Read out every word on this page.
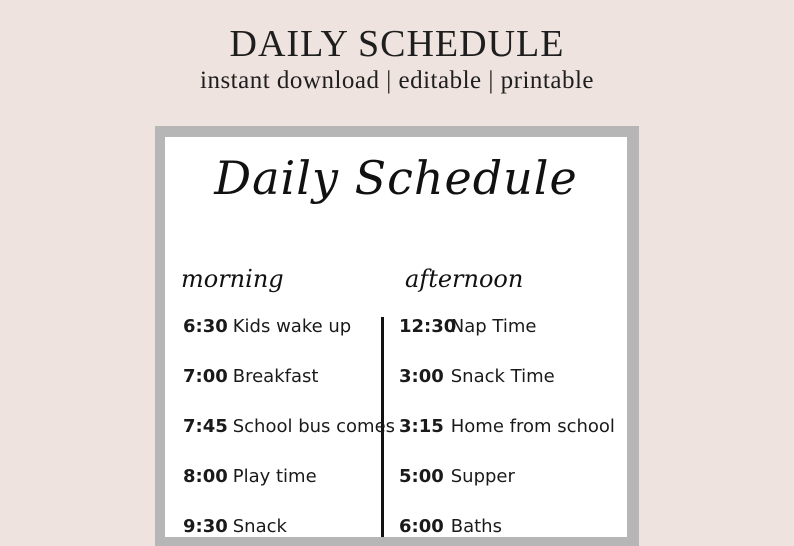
DAILY SCHEDULE
instant download | editable | printable
Daily Schedule
morning	afternoon
6:30 Kids wake up
7:00 Breakfast
7:45 School bus comes
8:00 Play time
9:30 Snack
12:30 Nap Time
3:00 Snack Time
3:15 Home from school
5:00 Supper
6:00 Baths
